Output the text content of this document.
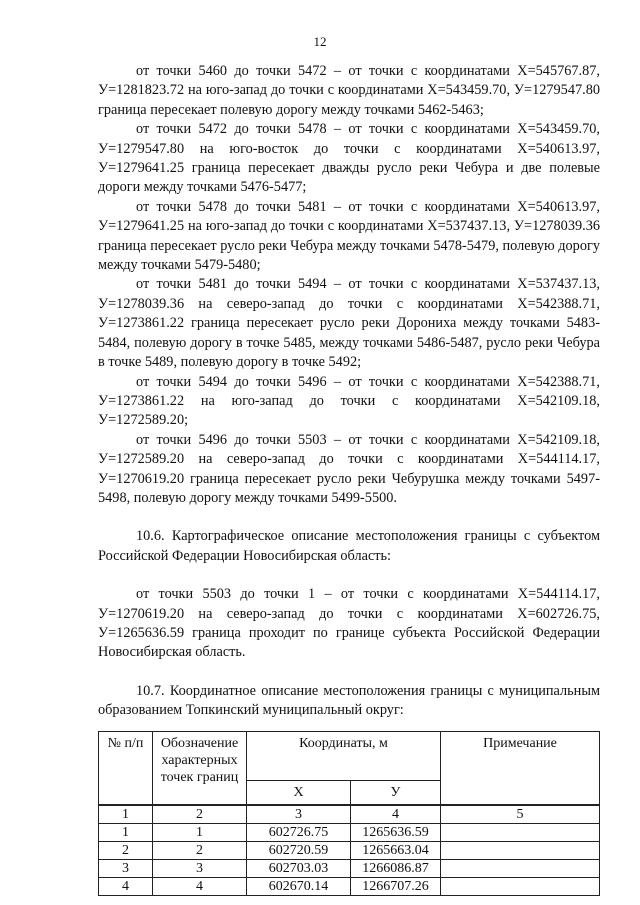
12

от точки 5460 до точки 5472 – от точки с координатами Х=545767.87, У=1281823.72 на юго-запад до точки с координатами Х=543459.70, У=1279547.80 граница пересекает полевую дорогу между точками 5462-5463;

от точки 5472 до точки 5478 – от точки с координатами Х=543459.70, У=1279547.80 на юго-восток до точки с координатами Х=540613.97, У=1279641.25 граница пересекает дважды русло реки Чебура и две полевые дороги между точками 5476-5477;

от точки 5478 до точки 5481 – от точки с координатами Х=540613.97, У=1279641.25 на юго-запад до точки с координатами Х=537437.13, У=1278039.36 граница пересекает русло реки Чебура между точками 5478-5479, полевую дорогу между точками 5479-5480;

от точки 5481 до точки 5494 – от точки с координатами Х=537437.13, У=1278039.36 на северо-запад до точки с координатами Х=542388.71, У=1273861.22 граница пересекает русло реки Дорониха между точками 5483-5484, полевую дорогу в точке 5485, между точками 5486-5487, русло реки Чебура в точке 5489, полевую дорогу в точке 5492;

от точки 5494 до точки 5496 – от точки с координатами Х=542388.71, У=1273861.22 на юго-запад до точки с координатами Х=542109.18, У=1272589.20;

от точки 5496 до точки 5503 – от точки с координатами Х=542109.18, У=1272589.20 на северо-запад до точки с координатами Х=544114.17, У=1270619.20 граница пересекает русло реки Чебурушка между точками 5497-5498, полевую дорогу между точками 5499-5500.

10.6. Картографическое описание местоположения границы с субъектом Российской Федерации Новосибирская область:

от точки 5503 до точки 1 – от точки с координатами Х=544114.17, У=1270619.20 на северо-запад до точки с координатами Х=602726.75, У=1265636.59 граница проходит по границе субъекта Российской Федерации Новосибирская область.

10.7. Координатное описание местоположения границы с муниципальным образованием Топкинский муниципальный округ:

№ п/п	Обозначение характерных точек границ	Координаты, м		Примечание
		Х	У	
1	2	3	4	5
1	1	602726.75	1265636.59	
2	2	602720.59	1265663.04	
3	3	602703.03	1266086.87	
4	4	602670.14	1266707.26	
